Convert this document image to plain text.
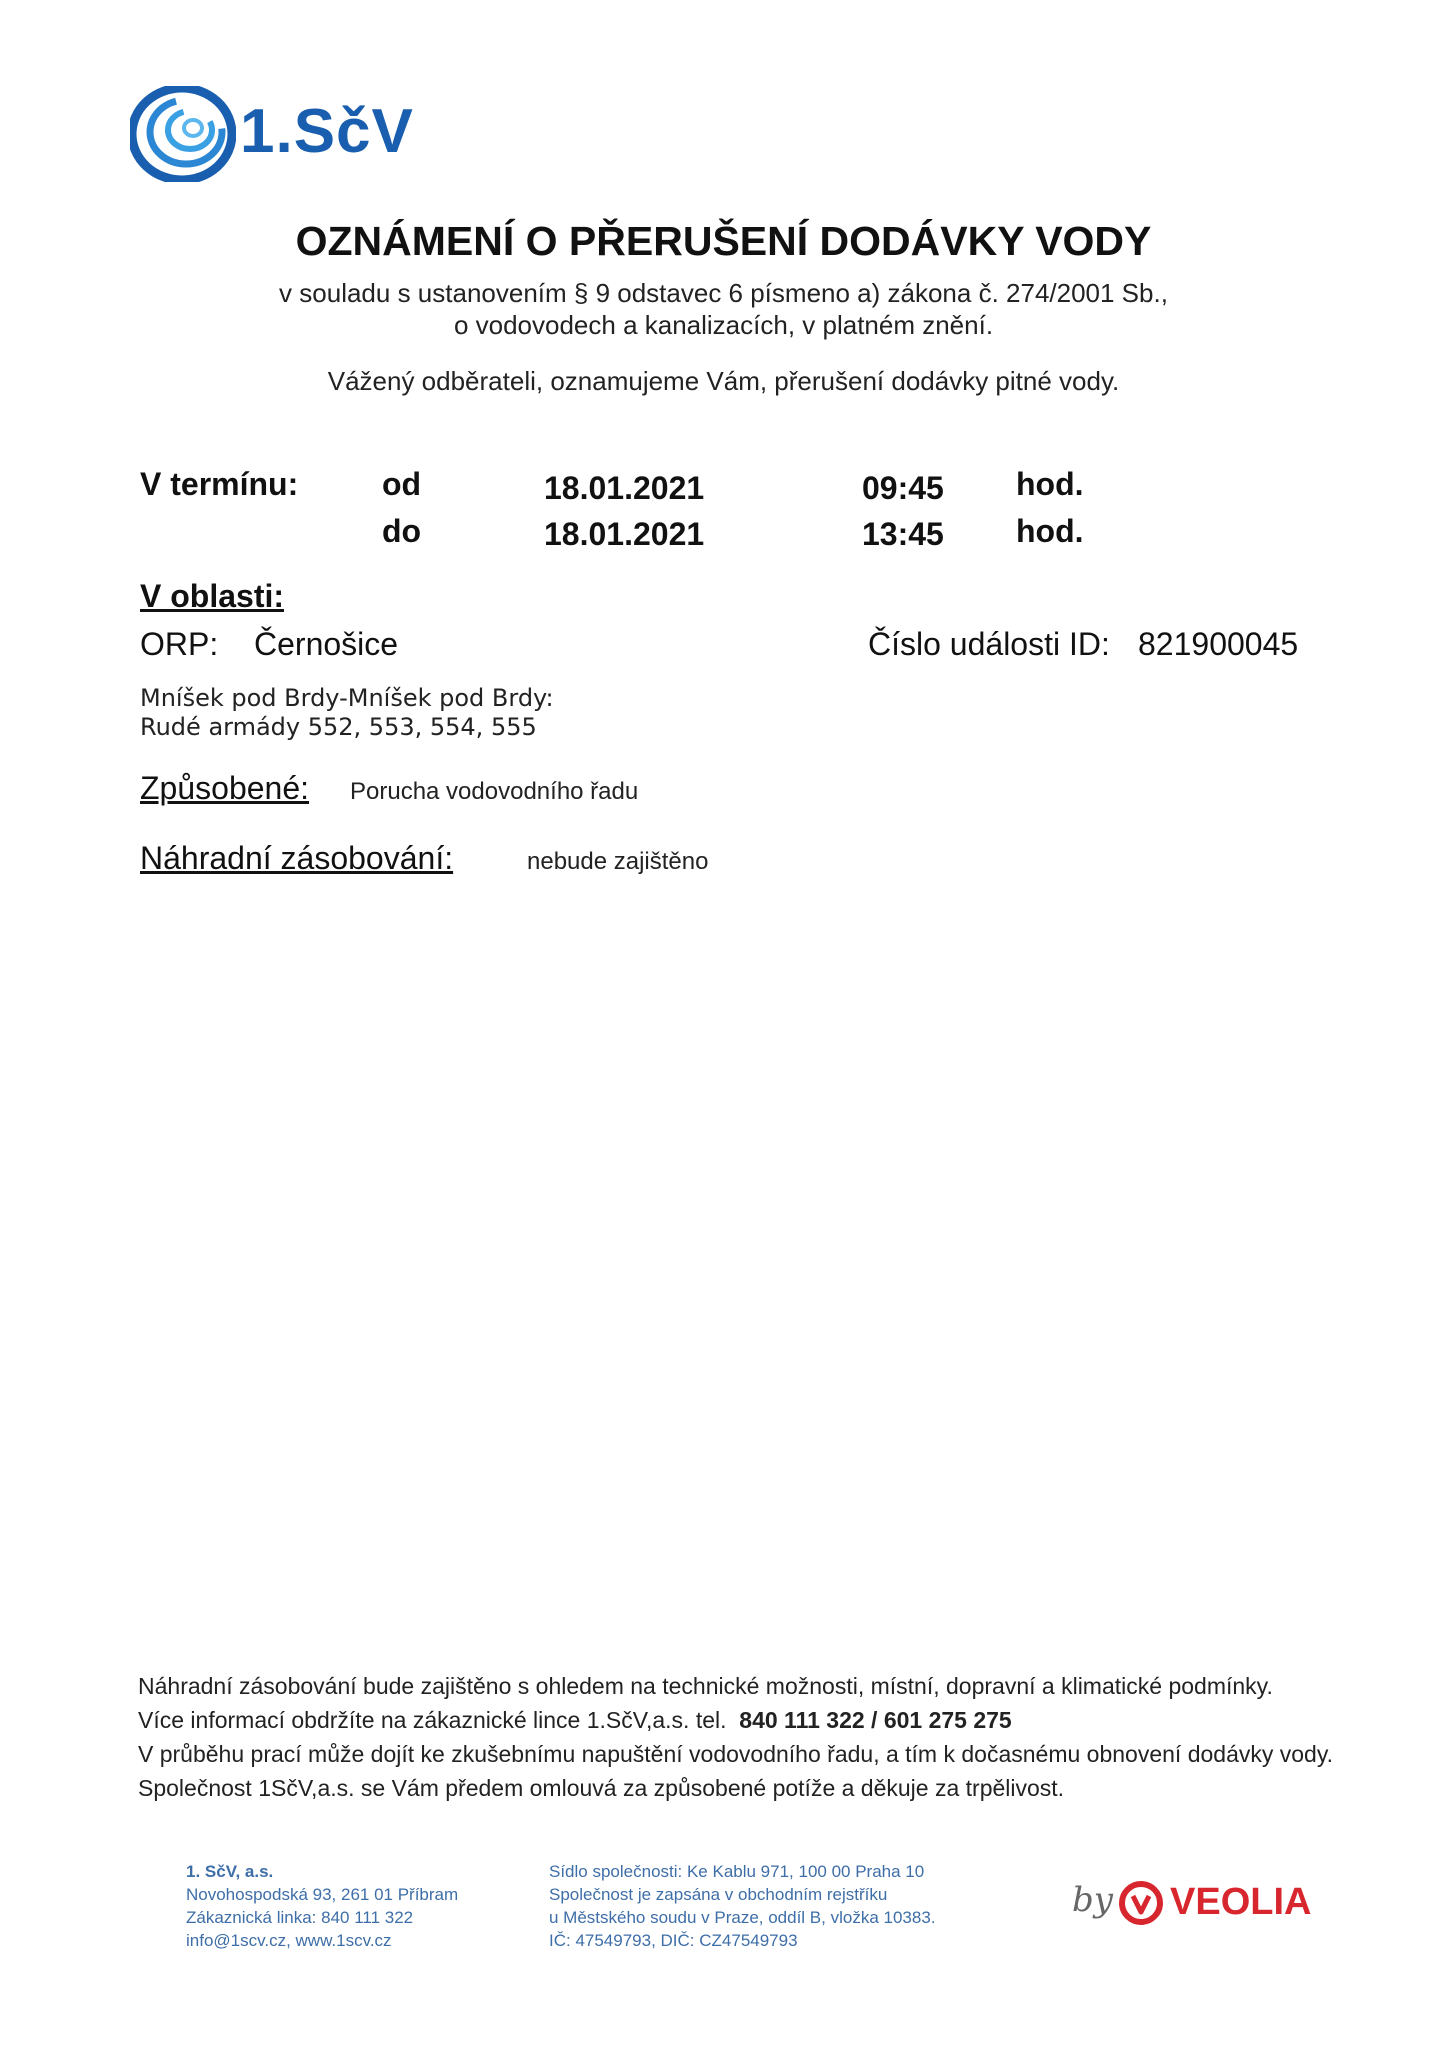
1.SčV
OZNÁMENÍ O PŘERUŠENÍ DODÁVKY VODY
v souladu s ustanovením § 9 odstavec 6 písmeno a) zákona č. 274/2001 Sb.,
o vodovodech a kanalizacích, v platném znění.
Vážený odběrateli, oznamujeme Vám, přerušení dodávky pitné vody.
V termínu:	od	18.01.2021	09:45 hod.
do	18.01.2021	13:45 hod.
V oblasti:
ORP: Černošice	Číslo události ID: 821900045
Mníšek pod Brdy-Mníšek pod Brdy:
Rudé armády 552, 553, 554, 555
Způsobené: Porucha vodovodního řadu
Náhradní zásobování:	nebude zajištěno
Náhradní zásobování bude zajištěno s ohledem na technické možnosti, místní, dopravní a klimatické podmínky.
Více informací obdržíte na zákaznické lince 1.SčV,a.s. tel. 840 111 322 / 601 275 275
V průběhu prací může dojít ke zkušebnímu napuštění vodovodního řadu, a tím k dočasnému obnovení dodávky vody.
Společnost 1SčV,a.s. se Vám předem omlouvá za způsobené potíže a děkuje za trpělivost.
1. SčV, a.s.
Novohospodská 93, 261 01 Příbram
Zákaznická linka: 840 111 322
info@1scv.cz, www.1scv.cz
Sídlo společnosti: Ke Kablu 971, 100 00 Praha 10
Společnost je zapsána v obchodním rejstříku
u Městského soudu v Praze, oddíl B, vložka 10383.
IČ: 47549793, DIČ: CZ47549793
by VEOLIA
